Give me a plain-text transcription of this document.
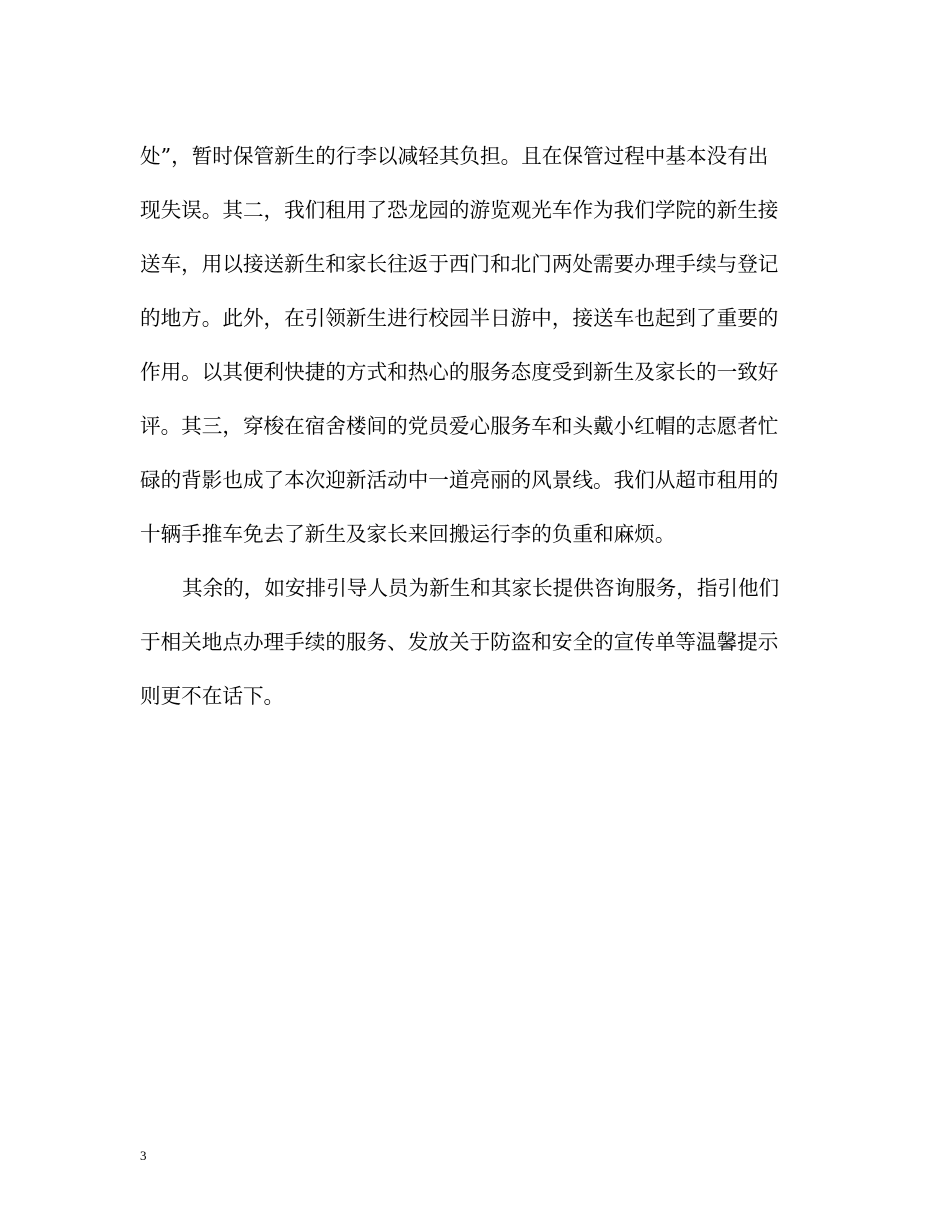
处”，暂时保管新生的行李以减轻其负担。且在保管过程中基本没有出
现失误。其二，我们租用了恐龙园的游览观光车作为我们学院的新生接
送车，用以接送新生和家长往返于西门和北门两处需要办理手续与登记
的地方。此外，在引领新生进行校园半日游中，接送车也起到了重要的
作用。以其便利快捷的方式和热心的服务态度受到新生及家长的一致好
评。其三，穿梭在宿舍楼间的党员爱心服务车和头戴小红帽的志愿者忙
碌的背影也成了本次迎新活动中一道亮丽的风景线。我们从超市租用的
十辆手推车免去了新生及家长来回搬运行李的负重和麻烦。
其余的，如安排引导人员为新生和其家长提供咨询服务，指引他们
于相关地点办理手续的服务、发放关于防盗和安全的宣传单等温馨提示
则更不在话下。
3
